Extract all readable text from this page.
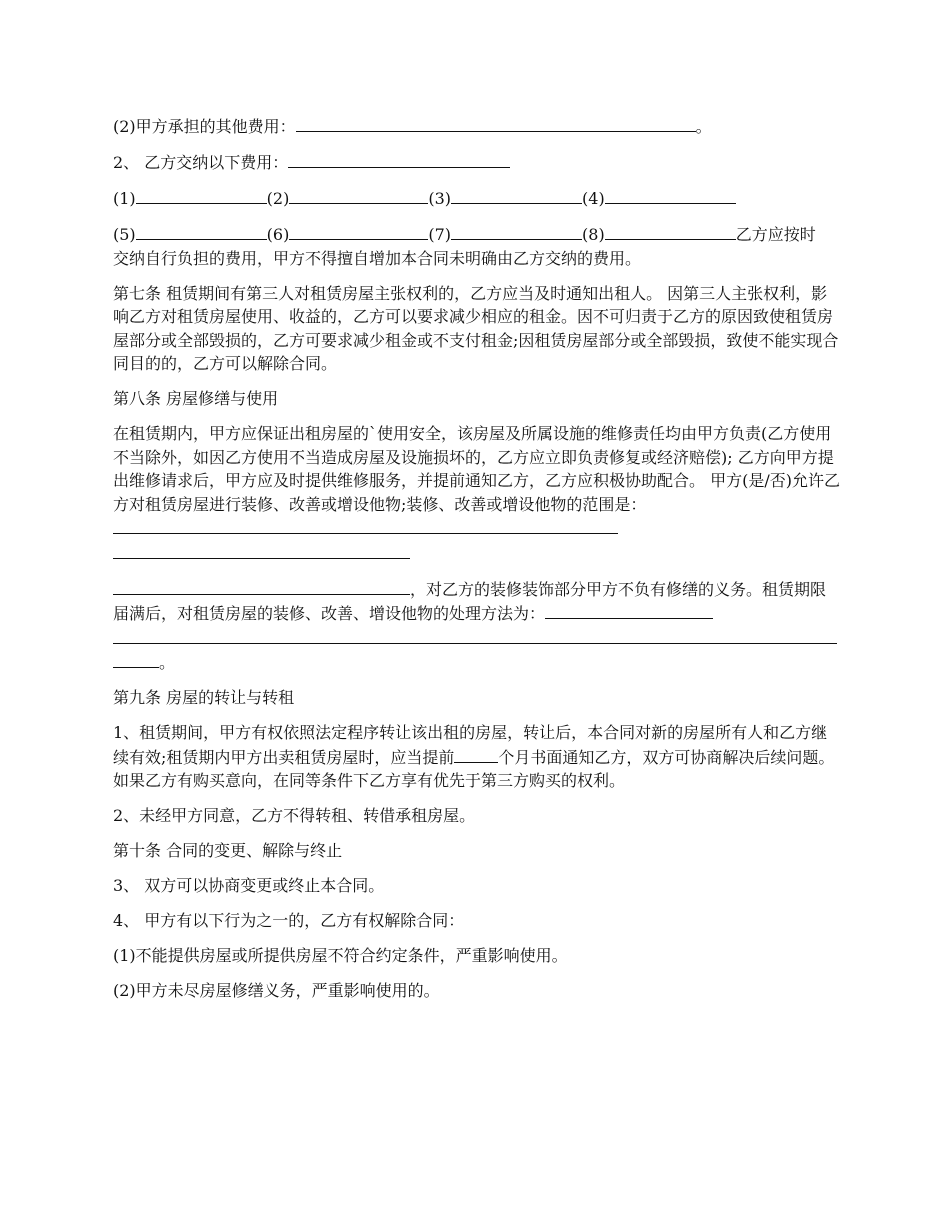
(2)甲方承担的其他费用：	。

2、 乙方交纳以下费用：

(1)	(2)	(3)	(4)

(5)	(6)	(7)	(8)	乙方应按时
交纳自行负担的费用，甲方不得擅自增加本合同未明确由乙方交纳的费用。

第七条 租赁期间有第三人对租赁房屋主张权利的，乙方应当及时通知出租人。 因第三人主张权利，影响乙方对租赁房屋使用、收益的，乙方可以要求减少相应的租金。因不可归责于乙方的原因致使租赁房屋部分或全部毁损的，乙方可要求减少租金或不支付租金;因租赁房屋部分或全部毁损，致使不能实现合同目的的，乙方可以解除合同。

第八条 房屋修缮与使用

在租赁期内，甲方应保证出租房屋的`使用安全，该房屋及所属设施的维修责任均由甲方负责(乙方使用不当除外，如因乙方使用不当造成房屋及设施损坏的，乙方应立即负责修复或经济赔偿); 乙方向甲方提出维修请求后，甲方应及时提供维修服务，并提前通知乙方，乙方应积极协助配合。 甲方(是/否)允许乙方对租赁房屋进行装修、改善或增设他物;装修、改善或增设他物的范围是：

，对乙方的装修装饰部分甲方不负有修缮的义务。租赁期限届满后，对租赁房屋的装修、改善、增设他物的处理方法为：。

第九条 房屋的转让与转租

1、租赁期间，甲方有权依照法定程序转让该出租的房屋，转让后，本合同对新的房屋所有人和乙方继续有效;租赁期内甲方出卖租赁房屋时，应当提前	个月书面通知乙方，双方可协商解决后续问题。如果乙方有购买意向，在同等条件下乙方享有优先于第三方购买的权利。

2、未经甲方同意，乙方不得转租、转借承租房屋。

第十条 合同的变更、解除与终止

3、 双方可以协商变更或终止本合同。

4、 甲方有以下行为之一的，乙方有权解除合同：

(1)不能提供房屋或所提供房屋不符合约定条件，严重影响使用。

(2)甲方未尽房屋修缮义务，严重影响使用的。
